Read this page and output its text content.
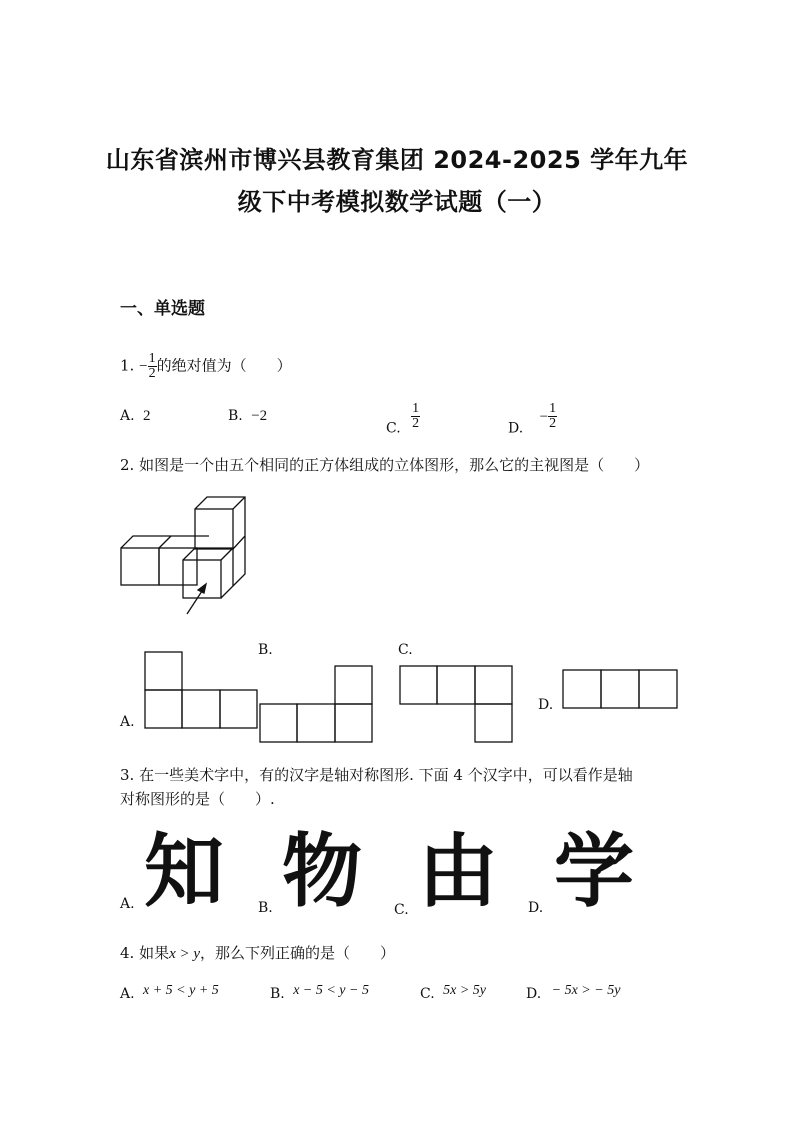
山东省滨州市博兴县教育集团 2024-2025 学年九年
级下中考模拟数学试题（一）
一、单选题
1. − $\frac{1}{2}$ 的绝对值为（　　）
A. 2	B. −2
C. $\frac{1}{2}$	D. − $\frac{1}{2}$
2. 如图是一个由五个相同的正方体组成的立体图形，那么它的主视图是（　　）
A.
B.	C.
D.
3. 在一些美术字中，有的汉字是轴对称图形. 下面 4 个汉字中，可以看作是轴
对称图形的是（　　）.
A. 知 B. 物 C. 由 D. 学
4. 如果x > y，那么下列正确的是（　　）
A. x + 5 < y + 5	B. x − 5 < y − 5	C. 5x > 5y	D. − 5x > − 5y
